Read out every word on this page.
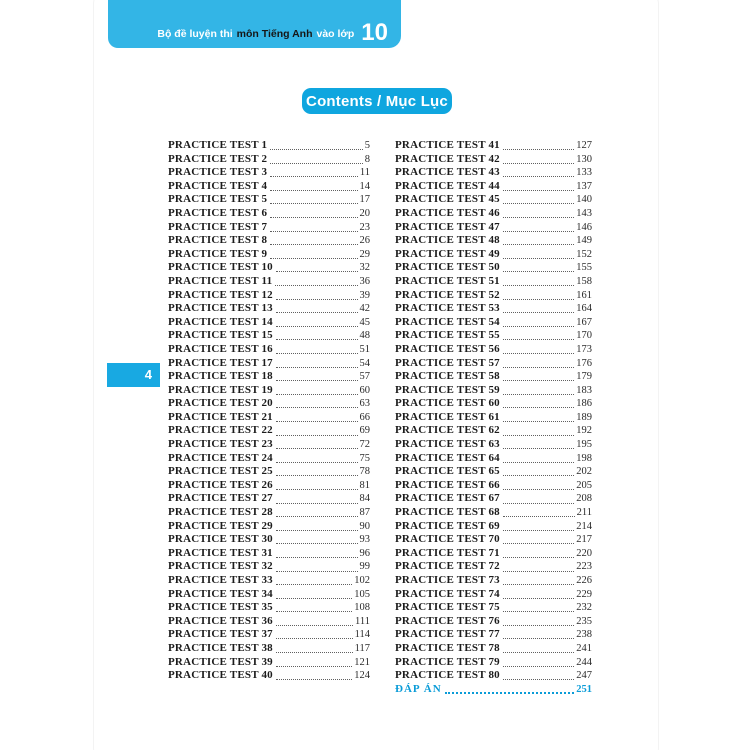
Bộ đề luyện thi môn Tiếng Anh vào lớp 10
Contents / Mục Lục
4
PRACTICE TEST 1	5
PRACTICE TEST 2	8
PRACTICE TEST 3	11
PRACTICE TEST 4	14
PRACTICE TEST 5	17
PRACTICE TEST 6	20
PRACTICE TEST 7	23
PRACTICE TEST 8	26
PRACTICE TEST 9	29
PRACTICE TEST 10	32
PRACTICE TEST 11	36
PRACTICE TEST 12	39
PRACTICE TEST 13	42
PRACTICE TEST 14	45
PRACTICE TEST 15	48
PRACTICE TEST 16	51
PRACTICE TEST 17	54
PRACTICE TEST 18	57
PRACTICE TEST 19	60
PRACTICE TEST 20	63
PRACTICE TEST 21	66
PRACTICE TEST 22	69
PRACTICE TEST 23	72
PRACTICE TEST 24	75
PRACTICE TEST 25	78
PRACTICE TEST 26	81
PRACTICE TEST 27	84
PRACTICE TEST 28	87
PRACTICE TEST 29	90
PRACTICE TEST 30	93
PRACTICE TEST 31	96
PRACTICE TEST 32	99
PRACTICE TEST 33	102
PRACTICE TEST 34	105
PRACTICE TEST 35	108
PRACTICE TEST 36	111
PRACTICE TEST 37	114
PRACTICE TEST 38	117
PRACTICE TEST 39	121
PRACTICE TEST 40	124
PRACTICE TEST 41	127
PRACTICE TEST 42	130
PRACTICE TEST 43	133
PRACTICE TEST 44	137
PRACTICE TEST 45	140
PRACTICE TEST 46	143
PRACTICE TEST 47	146
PRACTICE TEST 48	149
PRACTICE TEST 49	152
PRACTICE TEST 50	155
PRACTICE TEST 51	158
PRACTICE TEST 52	161
PRACTICE TEST 53	164
PRACTICE TEST 54	167
PRACTICE TEST 55	170
PRACTICE TEST 56	173
PRACTICE TEST 57	176
PRACTICE TEST 58	179
PRACTICE TEST 59	183
PRACTICE TEST 60	186
PRACTICE TEST 61	189
PRACTICE TEST 62	192
PRACTICE TEST 63	195
PRACTICE TEST 64	198
PRACTICE TEST 65	202
PRACTICE TEST 66	205
PRACTICE TEST 67	208
PRACTICE TEST 68	211
PRACTICE TEST 69	214
PRACTICE TEST 70	217
PRACTICE TEST 71	220
PRACTICE TEST 72	223
PRACTICE TEST 73	226
PRACTICE TEST 74	229
PRACTICE TEST 75	232
PRACTICE TEST 76	235
PRACTICE TEST 77	238
PRACTICE TEST 78	241
PRACTICE TEST 79	244
PRACTICE TEST 80	247
ĐÁP ÁN	251
